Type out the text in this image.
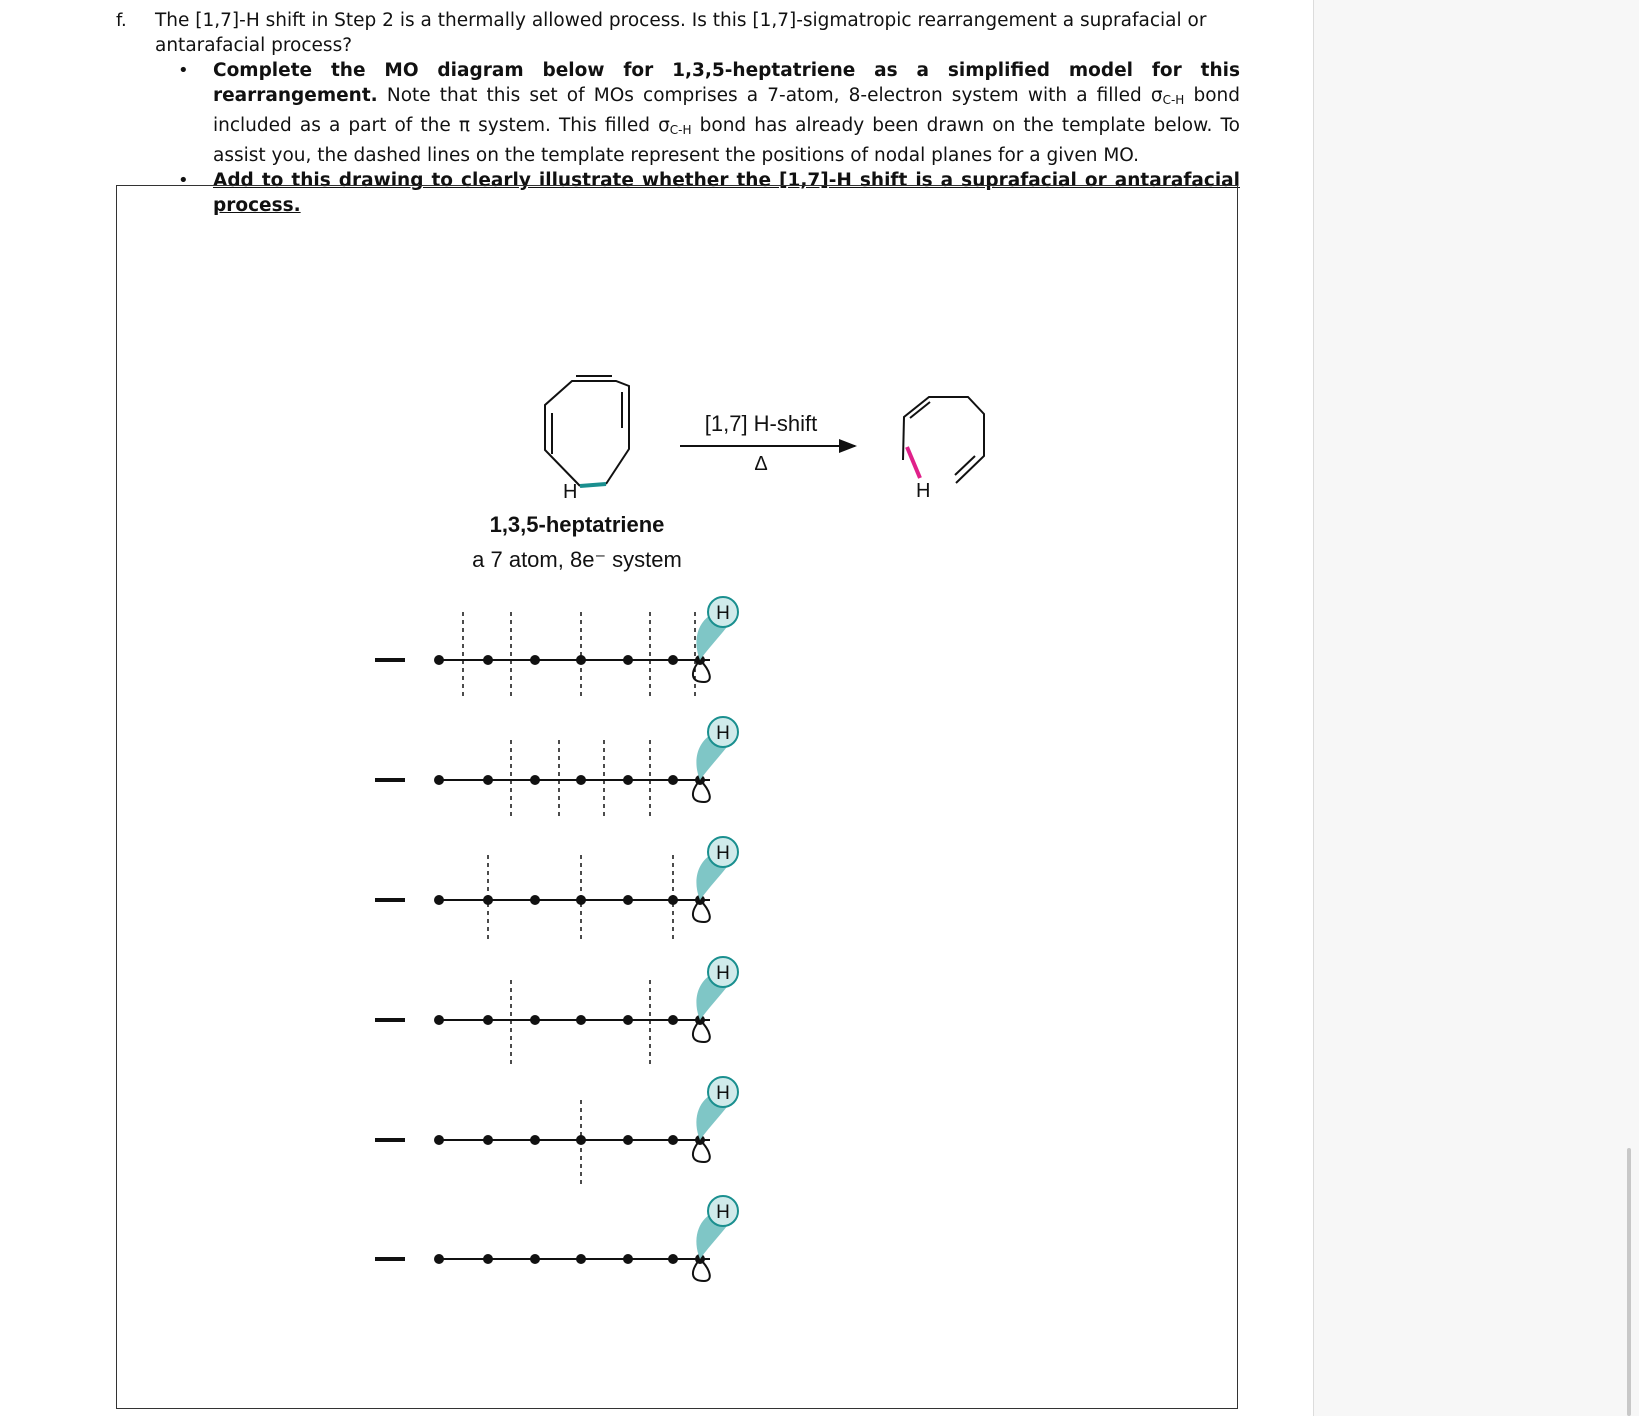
f. The [1,7]-H shift in Step 2 is a thermally allowed process. Is this [1,7]-sigmatropic rearrangement a suprafacial or antarafacial process?
• Complete the MO diagram below for 1,3,5-heptatriene as a simplified model for this rearrangement. Note that this set of MOs comprises a 7-atom, 8-electron system with a filled $\sigma_{C-H}$ bond included as a part of the π system. This filled $\sigma_{C-H}$ bond has already been drawn on the template below. To assist you, the dashed lines on the template represent the positions of nodal planes for a given MO.
• Add to this drawing to clearly illustrate whether the [1,7]-H shift is a suprafacial or antarafacial process.
H
[1,7] H-shift
Δ
H
1,3,5-heptatriene
a 7 atom, 8e⁻ system
H
H
H
H
H
H
